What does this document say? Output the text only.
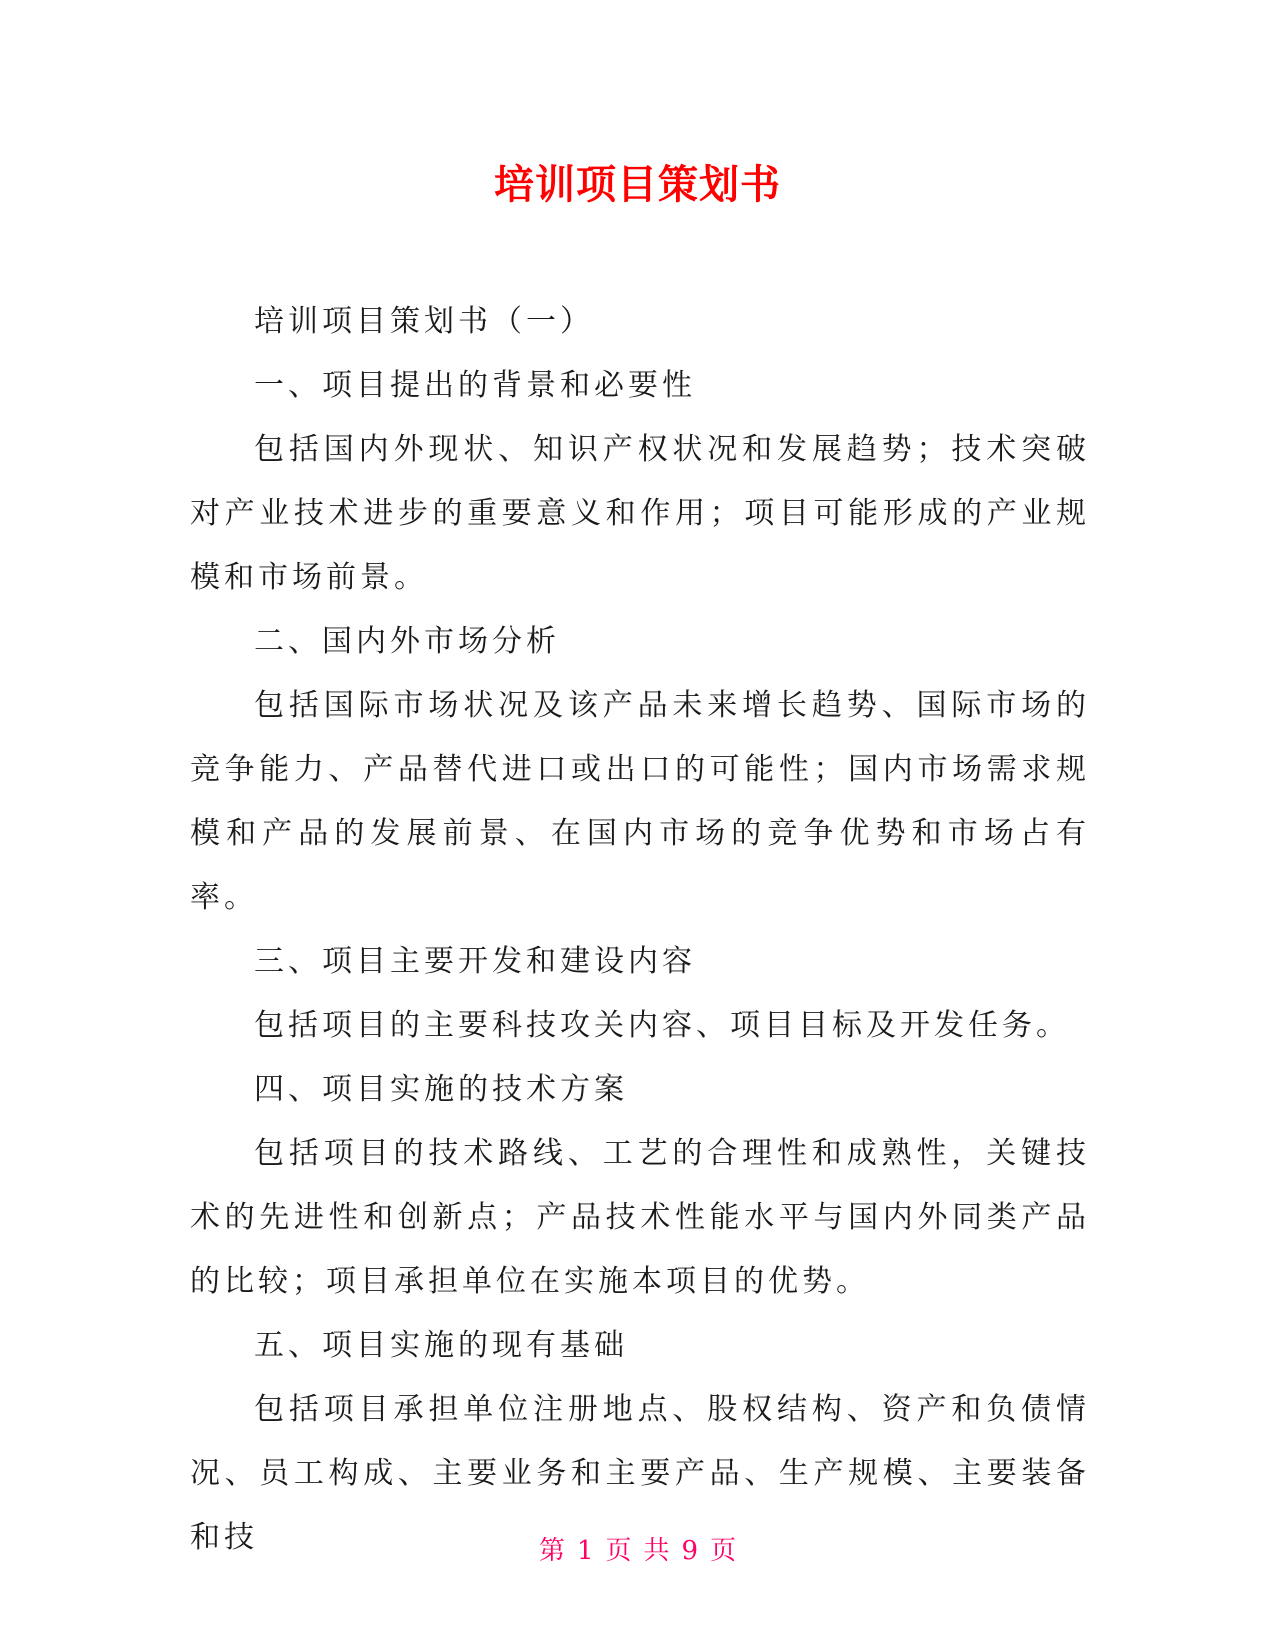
培训项目策划书

培训项目策划书（一）

一、项目提出的背景和必要性

包括国内外现状、知识产权状况和发展趋势；技术突破对产业技术进步的重要意义和作用；项目可能形成的产业规模和市场前景。

二、国内外市场分析

包括国际市场状况及该产品未来增长趋势、国际市场的竞争能力、产品替代进口或出口的可能性；国内市场需求规模和产品的发展前景、在国内市场的竞争优势和市场占有率。

三、项目主要开发和建设内容

包括项目的主要科技攻关内容、项目目标及开发任务。

四、项目实施的技术方案

包括项目的技术路线、工艺的合理性和成熟性，关键技术的先进性和创新点；产品技术性能水平与国内外同类产品的比较；项目承担单位在实施本项目的优势。

五、项目实施的现有基础

包括项目承担单位注册地点、股权结构、资产和负债情况、员工构成、主要业务和主要产品、生产规模、主要装备和技	第 1 页 共 9 页
